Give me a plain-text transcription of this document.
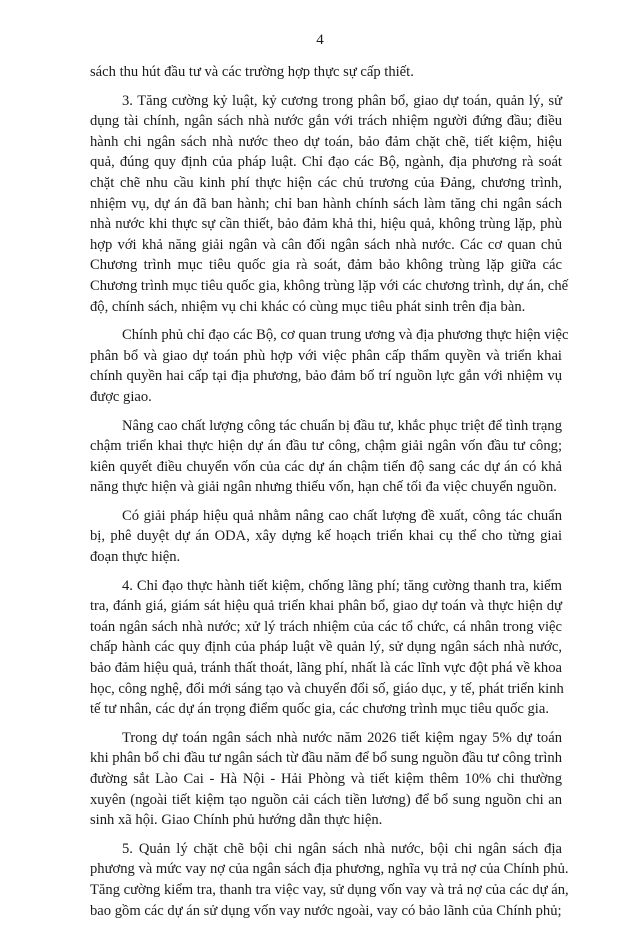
4
sách thu hút đầu tư và các trường hợp thực sự cấp thiết.
3. Tăng cường kỷ luật, kỷ cương trong phân bổ, giao dự toán, quản lý, sử
dụng tài chính, ngân sách nhà nước gắn với trách nhiệm người đứng đầu; điều
hành chi ngân sách nhà nước theo dự toán, bảo đảm chặt chẽ, tiết kiệm, hiệu
quả, đúng quy định của pháp luật. Chỉ đạo các Bộ, ngành, địa phương rà soát
chặt chẽ nhu cầu kinh phí thực hiện các chủ trương của Đảng, chương trình,
nhiệm vụ, dự án đã ban hành; chỉ ban hành chính sách làm tăng chi ngân sách
nhà nước khi thực sự cần thiết, bảo đảm khả thi, hiệu quả, không trùng lặp, phù
hợp với khả năng giải ngân và cân đối ngân sách nhà nước. Các cơ quan chủ
Chương trình mục tiêu quốc gia rà soát, đảm bảo không trùng lặp giữa các
Chương trình mục tiêu quốc gia, không trùng lặp với các chương trình, dự án, chế
độ, chính sách, nhiệm vụ chi khác có cùng mục tiêu phát sinh trên địa bàn.
Chính phủ chỉ đạo các Bộ, cơ quan trung ương và địa phương thực hiện việc
phân bổ và giao dự toán phù hợp với việc phân cấp thẩm quyền và triển khai
chính quyền hai cấp tại địa phương, bảo đảm bố trí nguồn lực gắn với nhiệm vụ
được giao.
Nâng cao chất lượng công tác chuẩn bị đầu tư, khắc phục triệt để tình trạng
chậm triển khai thực hiện dự án đầu tư công, chậm giải ngân vốn đầu tư công;
kiên quyết điều chuyển vốn của các dự án chậm tiến độ sang các dự án có khả
năng thực hiện và giải ngân nhưng thiếu vốn, hạn chế tối đa việc chuyển nguồn.
Có giải pháp hiệu quả nhằm nâng cao chất lượng đề xuất, công tác chuẩn
bị, phê duyệt dự án ODA, xây dựng kế hoạch triển khai cụ thể cho từng giai
đoạn thực hiện.
4. Chỉ đạo thực hành tiết kiệm, chống lãng phí; tăng cường thanh tra, kiểm
tra, đánh giá, giám sát hiệu quả triển khai phân bổ, giao dự toán và thực hiện dự
toán ngân sách nhà nước; xử lý trách nhiệm của các tổ chức, cá nhân trong việc
chấp hành các quy định của pháp luật về quản lý, sử dụng ngân sách nhà nước,
bảo đảm hiệu quả, tránh thất thoát, lãng phí, nhất là các lĩnh vực đột phá về khoa
học, công nghệ, đổi mới sáng tạo và chuyển đổi số, giáo dục, y tế, phát triển kinh
tế tư nhân, các dự án trọng điểm quốc gia, các chương trình mục tiêu quốc gia.
Trong dự toán ngân sách nhà nước năm 2026 tiết kiệm ngay 5% dự toán
khi phân bổ chi đầu tư ngân sách từ đầu năm để bổ sung nguồn đầu tư công trình
đường sắt Lào Cai - Hà Nội - Hải Phòng và tiết kiệm thêm 10% chi thường
xuyên (ngoài tiết kiệm tạo nguồn cải cách tiền lương) để bổ sung nguồn chi an
sinh xã hội. Giao Chính phủ hướng dẫn thực hiện.
5. Quản lý chặt chẽ bội chi ngân sách nhà nước, bội chi ngân sách địa
phương và mức vay nợ của ngân sách địa phương, nghĩa vụ trả nợ của Chính phủ.
Tăng cường kiểm tra, thanh tra việc vay, sử dụng vốn vay và trả nợ của các dự án,
bao gồm các dự án sử dụng vốn vay nước ngoài, vay có bảo lãnh của Chính phủ;
